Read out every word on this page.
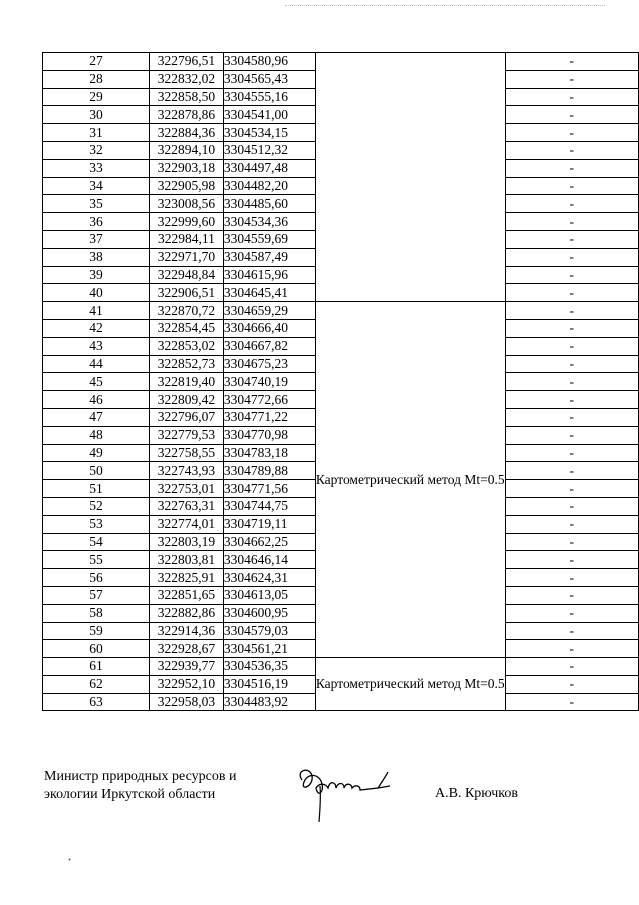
27	322796,51	3304580,96		-
28	322832,02	3304565,43		-
29	322858,50	3304555,16		-
30	322878,86	3304541,00		-
31	322884,36	3304534,15		-
32	322894,10	3304512,32		-
33	322903,18	3304497,48		-
34	322905,98	3304482,20		-
35	323008,56	3304485,60		-
36	322999,60	3304534,36		-
37	322984,11	3304559,69		-
38	322971,70	3304587,49		-
39	322948,84	3304615,96		-
40	322906,51	3304645,41		-
41	322870,72	3304659,29	Картометрический метод Mt=0.5	-
42	322854,45	3304666,40		-
43	322853,02	3304667,82		-
44	322852,73	3304675,23		-
45	322819,40	3304740,19		-
46	322809,42	3304772,66		-
47	322796,07	3304771,22		-
48	322779,53	3304770,98		-
49	322758,55	3304783,18		-
50	322743,93	3304789,88		-
51	322753,01	3304771,56		-
52	322763,31	3304744,75		-
53	322774,01	3304719,11		-
54	322803,19	3304662,25		-
55	322803,81	3304646,14		-
56	322825,91	3304624,31		-
57	322851,65	3304613,05		-
58	322882,86	3304600,95		-
59	322914,36	3304579,03		-
60	322928,67	3304561,21		-
61	322939,77	3304536,35	Картометрический метод Mt=0.5	-
62	322952,10	3304516,19		-
63	322958,03	3304483,92		-
Министр природных ресурсов и
экологии Иркутской области	А.В. Крючков
